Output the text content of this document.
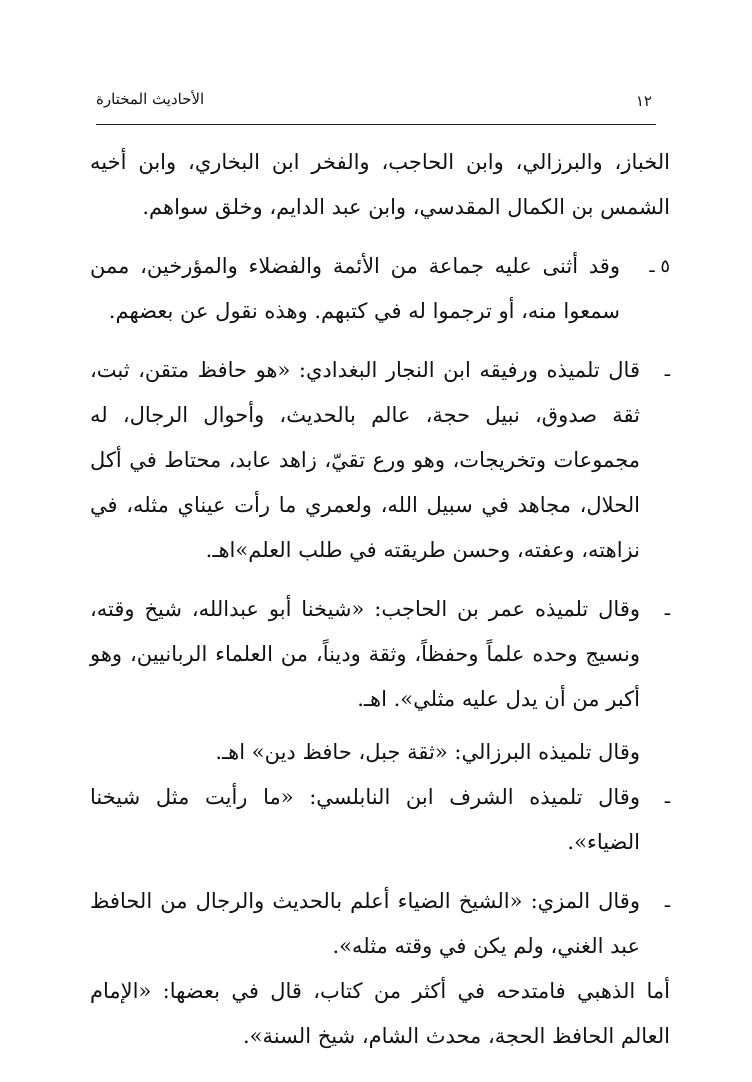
الأحاديث المختارة	١٢

الخباز، والبرزالي، وابن الحاجب، والفخر ابن البخاري، وابن أخيه الشمس بن الكمال المقدسي، وابن عبد الدايم، وخلق سواهم.

٥ ـ

وقد أثنى عليه جماعة من الأئمة والفضلاء والمؤرخين، ممن سمعوا منه، أو ترجموا له في كتبهم. وهذه نقول عن بعضهم.

ـ

قال تلميذه ورفيقه ابن النجار البغدادي: «هو حافظ متقن، ثبت، ثقة صدوق، نبيل حجة، عالم بالحديث، وأحوال الرجال، له مجموعات وتخريجات، وهو ورع تقيّ، زاهد عابد، محتاط في أكل الحلال، مجاهد في سبيل الله، ولعمري ما رأت عيناي مثله، في نزاهته، وعفته، وحسن طريقته في طلب العلم»اهـ.

ـ

وقال تلميذه عمر بن الحاجب: «شيخنا أبو عبدالله، شيخ وقته، ونسيج وحده علماً وحفظاً، وثقة وديناً، من العلماء الربانيين، وهو أكبر من أن يدل عليه مثلي». اهـ.

وقال تلميذه البرزالي: «ثقة جبل، حافظ دين» اهـ.

ـ

وقال تلميذه الشرف ابن النابلسي: «ما رأيت مثل شيخنا الضياء».

ـ

وقال المزي: «الشيخ الضياء أعلم بالحديث والرجال من الحافظ عبد الغني، ولم يكن في وقته مثله».

أما الذهبي فامتدحه في أكثر من كتاب، قال في بعضها: «الإمام العالم الحافظ الحجة، محدث الشام، شيخ السنة».
